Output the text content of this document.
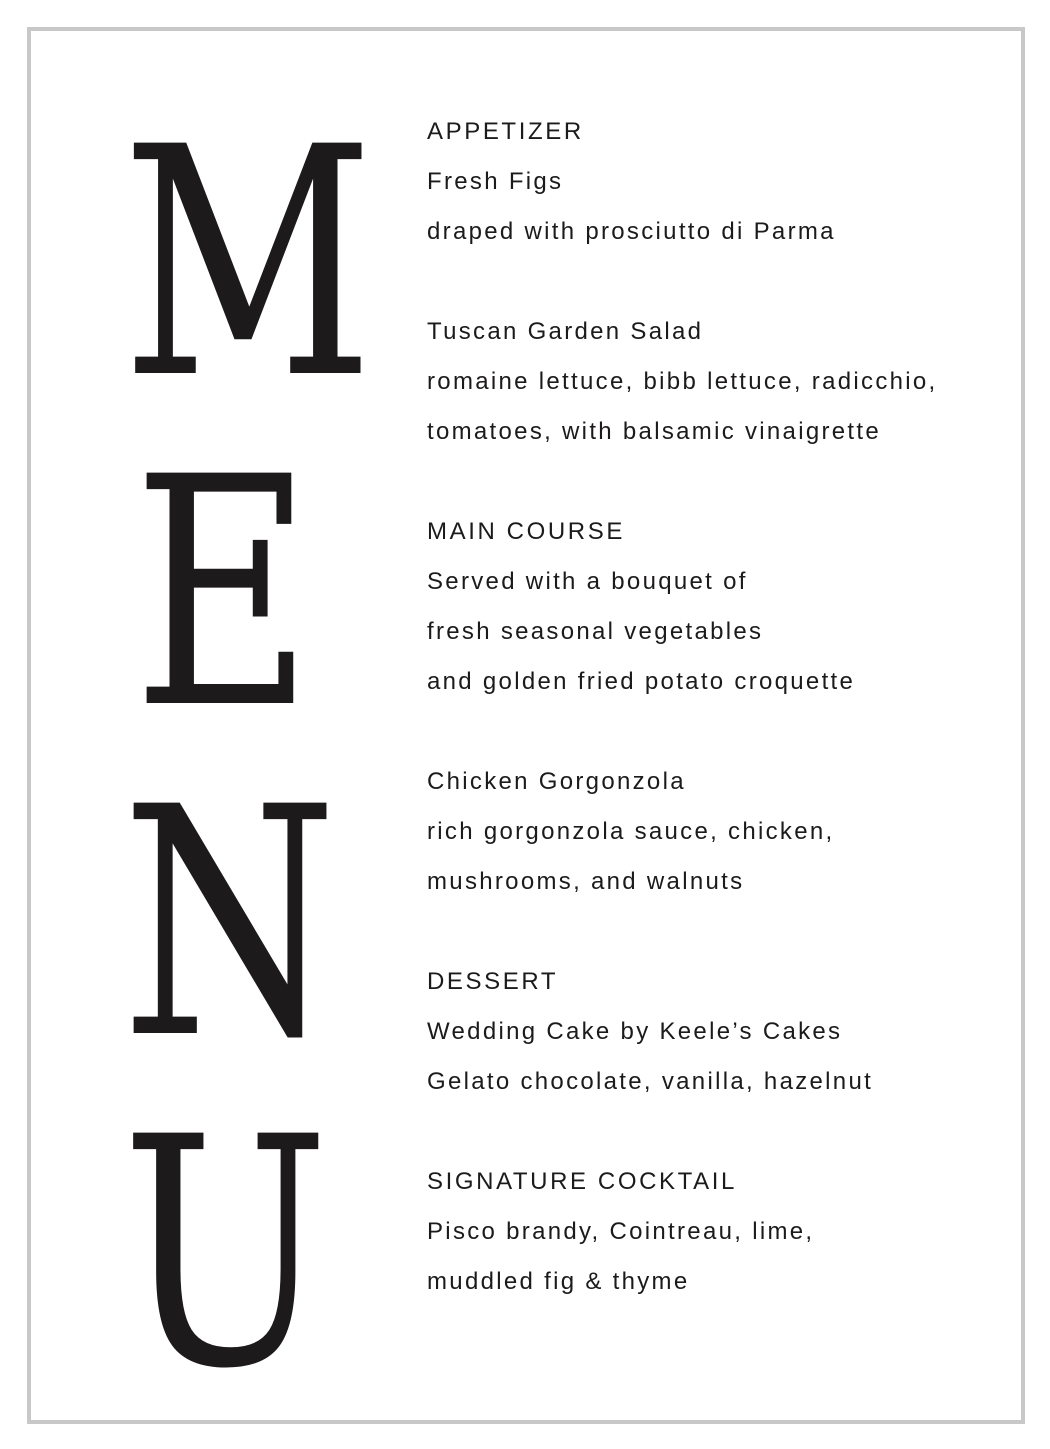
M
E
N
U
APPETIZER
Fresh Figs
draped with prosciutto di Parma
Tuscan Garden Salad
romaine lettuce, bibb lettuce, radicchio,
tomatoes, with balsamic vinaigrette
MAIN COURSE
Served with a bouquet of
fresh seasonal vegetables
and golden fried potato croquette
Chicken Gorgonzola
rich gorgonzola sauce, chicken,
mushrooms, and walnuts
DESSERT
Wedding Cake by Keele’s Cakes
Gelato chocolate, vanilla, hazelnut
SIGNATURE COCKTAIL
Pisco brandy, Cointreau, lime,
muddled fig & thyme
